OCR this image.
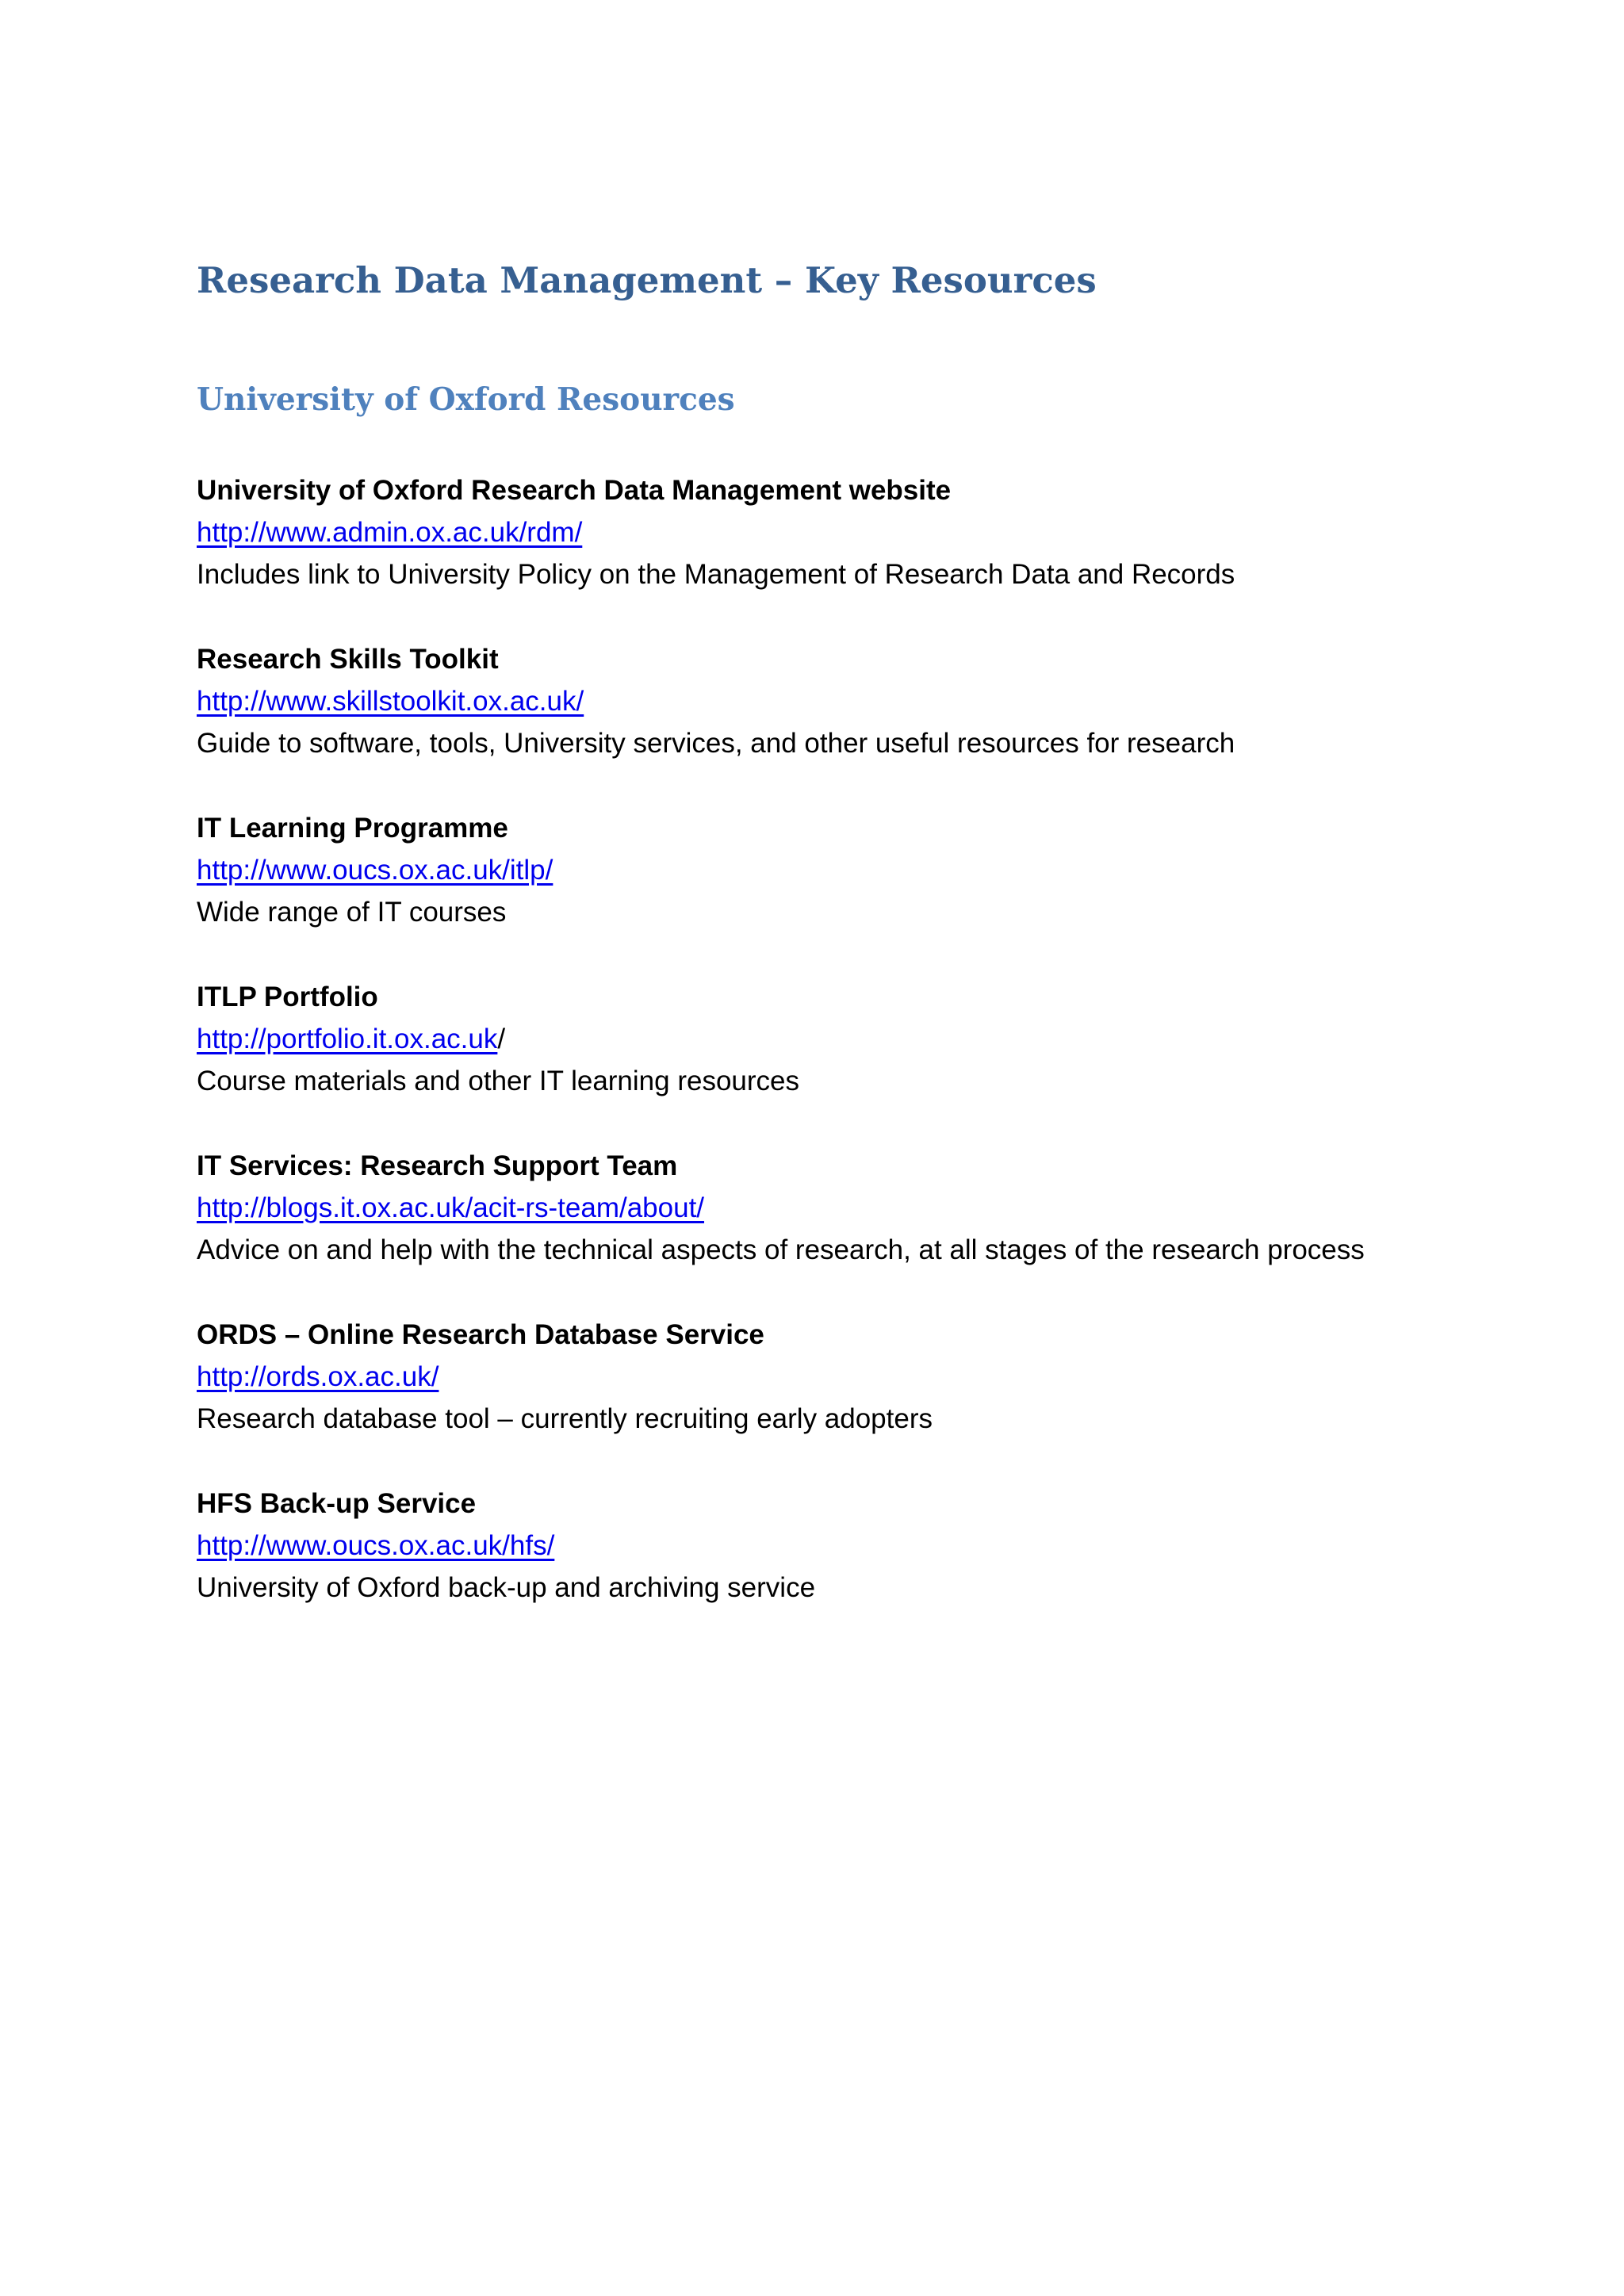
Research Data Management – Key Resources
University of Oxford Resources
University of Oxford Research Data Management website
http://www.admin.ox.ac.uk/rdm/
Includes link to University Policy on the Management of Research Data and Records
Research Skills Toolkit
http://www.skillstoolkit.ox.ac.uk/
Guide to software, tools, University services, and other useful resources for research
IT Learning Programme
http://www.oucs.ox.ac.uk/itlp/
Wide range of IT courses
ITLP Portfolio
http://portfolio.it.ox.ac.uk/
Course materials and other IT learning resources
IT Services: Research Support Team
http://blogs.it.ox.ac.uk/acit-rs-team/about/
Advice on and help with the technical aspects of research, at all stages of the research process
ORDS – Online Research Database Service
http://ords.ox.ac.uk/
Research database tool – currently recruiting early adopters
HFS Back-up Service
http://www.oucs.ox.ac.uk/hfs/
University of Oxford back-up and archiving service
